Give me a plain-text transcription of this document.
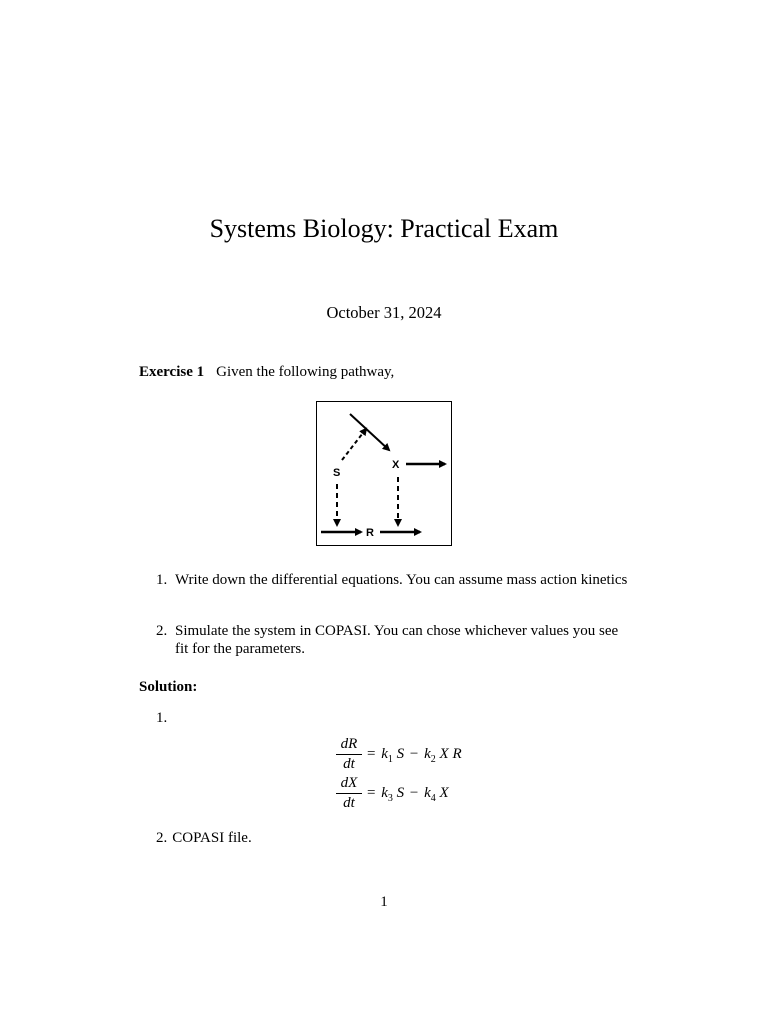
Systems Biology: Practical Exam
October 31, 2024
Exercise 1 Given the following pathway,
S
X
R
1. Write down the differential equations. You can assume mass action kinetics
2. Simulate the system in COPASI. You can chose whichever values you see fit for the parameters.
Solution:
1.
dR
dt
= $k_1$ $S - k_2$ X R
dX
dt
= $k_3$ $S - k_4$ X
2. COPASI file.
1
